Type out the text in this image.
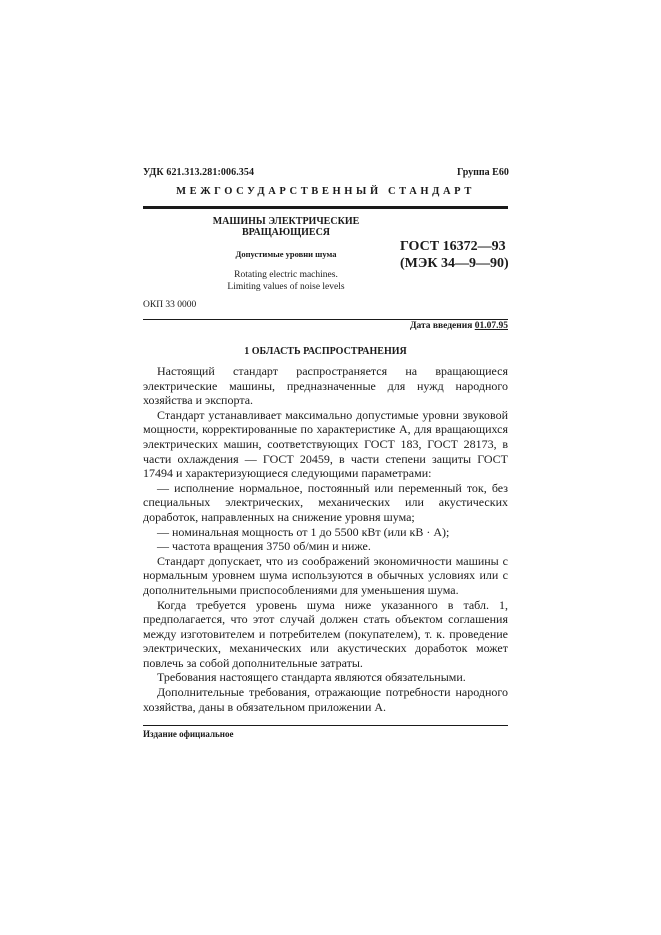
УДК 621.313.281:006.354	Группа Е60
МЕЖГОСУДАРСТВЕННЫЙ СТАНДАРТ
МАШИНЫ ЭЛЕКТРИЧЕСКИЕ
ВРАЩАЮЩИЕСЯ
Допустимые уровни шума
Rotating electric machines.
Limiting values of noise levels
ГОСТ 16372—93
(МЭК 34—9—90)
ОКП 33 0000
Дата введения 01.07.95
1 ОБЛАСТЬ РАСПРОСТРАНЕНИЯ

Настоящий стандарт распространяется на вращающиеся электрические машины, предназначенные для нужд народного хозяйства и экспорта.

Стандарт устанавливает максимально допустимые уровни звуковой мощности, корректированные по характеристике А, для вращающихся электрических машин, соответствующих ГОСТ 183, ГОСТ 28173, в части охлаждения — ГОСТ 20459, в части степени защиты ГОСТ 17494 и характеризующиеся следующими параметрами:

— исполнение нормальное, постоянный или переменный ток, без специальных электрических, механических или акустических доработок, направленных на снижение уровня шума;

— номинальная мощность от 1 до 5500 кВт (или кВ · А);

— частота вращения 3750 об/мин и ниже.

Стандарт допускает, что из соображений экономичности машины с нормальным уровнем шума используются в обычных условиях или с дополнительными приспособлениями для уменьшения шума.

Когда требуется уровень шума ниже указанного в табл. 1, предполагается, что этот случай должен стать объектом соглашения между изготовителем и потребителем (покупателем), т. к. проведение электрических, механических или акустических доработок может повлечь за собой дополнительные затраты.

Требования настоящего стандарта являются обязательными.

Дополнительные требования, отражающие потребности народного хозяйства, даны в обязательном приложении А.

Издание официальное
